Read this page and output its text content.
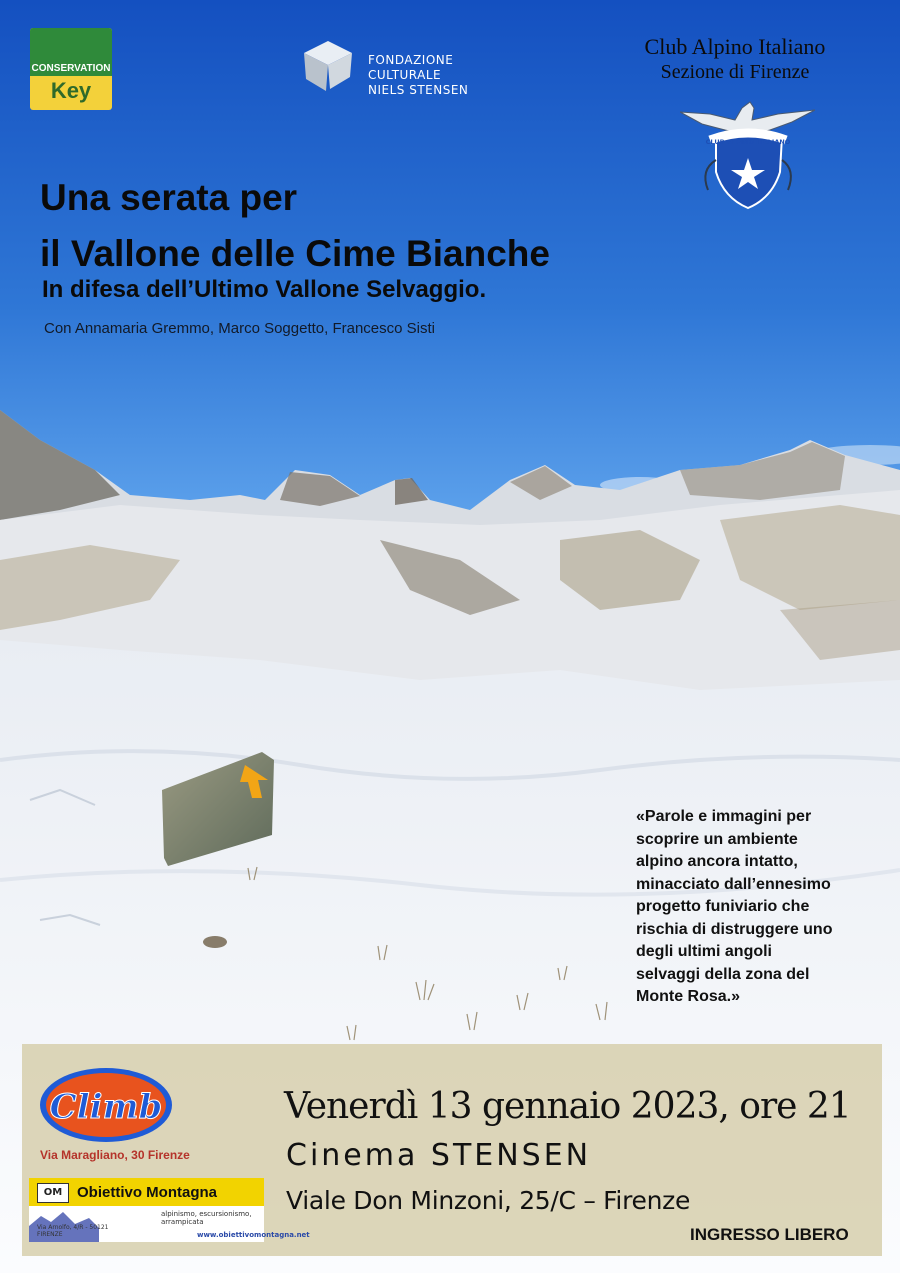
CONSERVATION
Key
FONDAZIONE CULTURALE
NIELS STENSEN
Club Alpino Italiano
Sezione di Firenze
CLUB ALPINO ITALIANO
Una serata per
il Vallone delle Cime Bianche
In difesa dell’Ultimo Vallone Selvaggio.
Con Annamaria Gremmo, Marco Soggetto, Francesco Sisti
«Parole e immagini per
scoprire un ambiente
alpino ancora intatto,
minacciato dall’ennesimo
progetto funiviario che
rischia di distruggere uno
degli ultimi angoli
selvaggi della zona del
Monte Rosa.»
Climb
Via Maragliano, 30 Firenze
OM Obiettivo Montagna
alpinismo, escursionismo, arrampicata
Via Arnolfo, 4/R - 50121 FIRENZE	www.obiettivomontagna.net
Venerdì 13 gennaio 2023, ore 21
Cinema STENSEN
Viale Don Minzoni, 25/C – Firenze
INGRESSO LIBERO
